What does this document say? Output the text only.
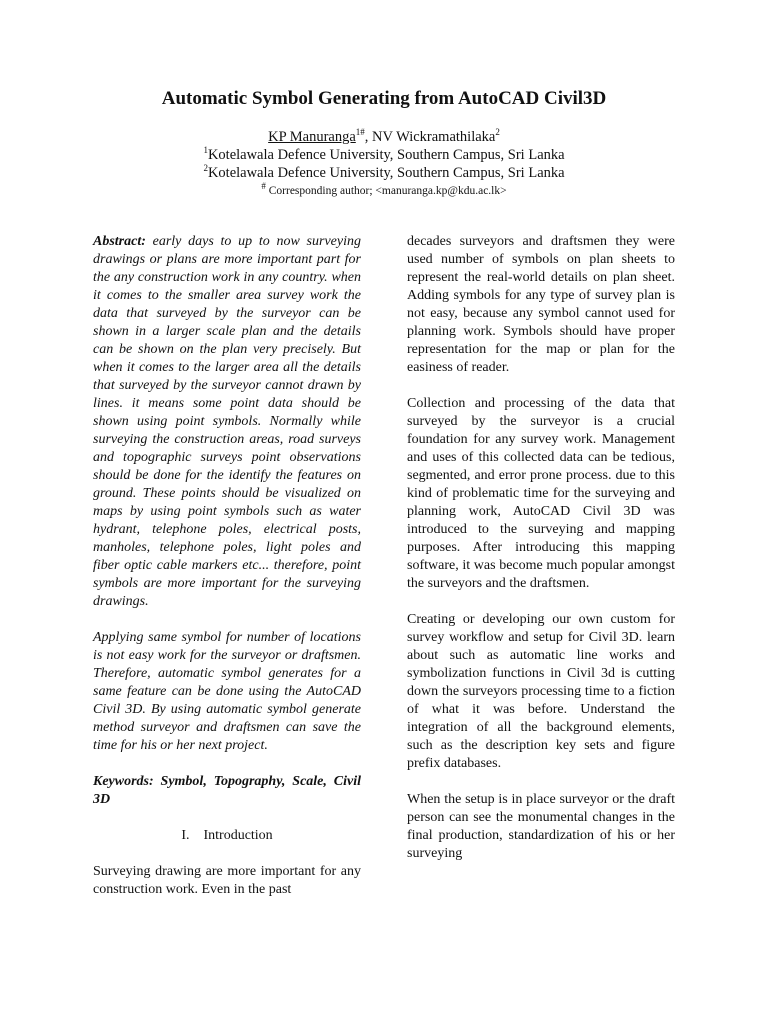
Automatic Symbol Generating from AutoCAD Civil3D
KP Manuranga$^{1\#}$, NV Wickramathilaka$^2$
$^1$Kotelawala Defence University, Southern Campus, Sri Lanka
$^2$Kotelawala Defence University, Southern Campus, Sri Lanka
# Corresponding author; <manuranga.kp@kdu.ac.lk>

Abstract: early days to up to now surveying drawings or plans are more important part for the any construction work in any country. when it comes to the smaller area survey work the data that surveyed by the surveyor can be shown in a larger scale plan and the details can be shown on the plan very precisely. But when it comes to the larger area all the details that surveyed by the surveyor cannot drawn by lines. it means some point data should be shown using point symbols. Normally while surveying the construction areas, road surveys and topographic surveys point observations should be done for the identify the features on ground. These points should be visualized on maps by using point symbols such as water hydrant, telephone poles, electrical posts, manholes, telephone poles, light poles and fiber optic cable markers etc... therefore, point symbols are more important for the surveying drawings.

Applying same symbol for number of locations is not easy work for the surveyor or draftsmen. Therefore, automatic symbol generates for a same feature can be done using the AutoCAD Civil 3D. By using automatic symbol generate method surveyor and draftsmen can save the time for his or her next project.

Keywords: Symbol, Topography, Scale, Civil 3D

I.    Introduction

Surveying drawing are more important for any construction work. Even in the past

decades surveyors and draftsmen they were used number of symbols on plan sheets to represent the real-world details on plan sheet. Adding symbols for any type of survey plan is not easy, because any symbol cannot used for planning work. Symbols should have proper representation for the map or plan for the easiness of reader.

Collection and processing of the data that surveyed by the surveyor is a crucial foundation for any survey work. Management and uses of this collected data can be tedious, segmented, and error prone process. due to this kind of problematic time for the surveying and planning work, AutoCAD Civil 3D was introduced to the surveying and mapping purposes. After introducing this mapping software, it was become much popular amongst the surveyors and the draftsmen.

Creating or developing our own custom for survey workflow and setup for Civil 3D. learn about such as automatic line works and symbolization functions in Civil 3d is cutting down the surveyors processing time to a fiction of what it was before. Understand the integration of all the background elements, such as the description key sets and figure prefix databases.

When the setup is in place surveyor or the draft person can see the monumental changes in the final production, standardization of his or her surveying
